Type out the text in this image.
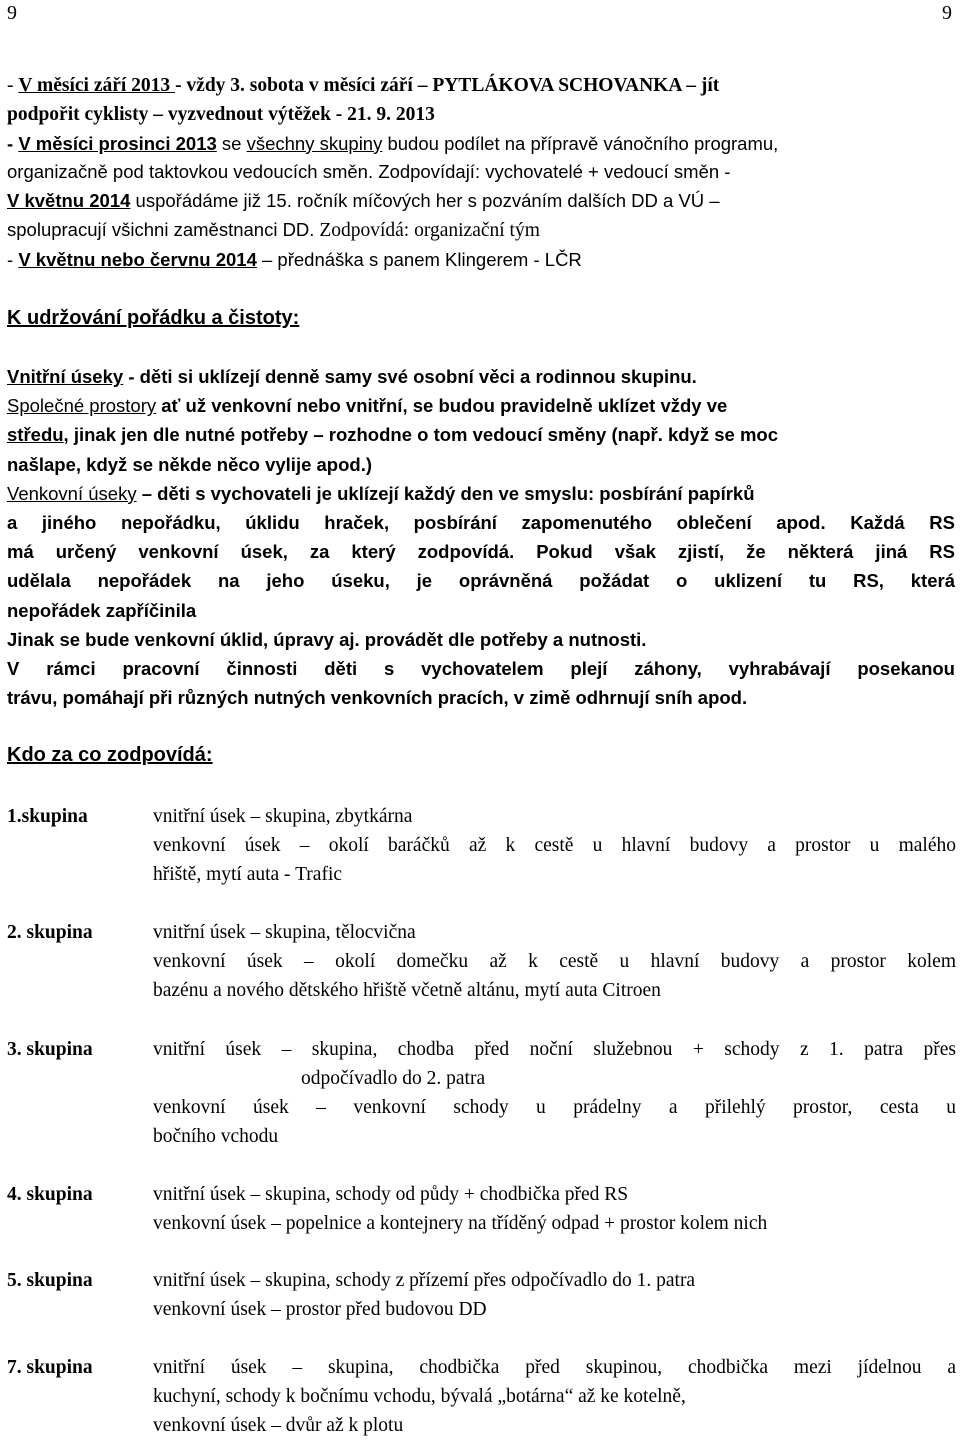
9	9
- V měsíci září 2013 - vždy 3. sobota v měsíci září – PYTLÁKOVA SCHOVANKA – jít
podpořit cyklisty – vyzvednout výtěžek - 21. 9. 2013
- V měsíci prosinci 2013 se všechny skupiny budou podílet na přípravě vánočního programu,
organizačně pod taktovkou vedoucích směn. Zodpovídají: vychovatelé + vedoucí směn -
V květnu 2014 uspořádáme již 15. ročník míčových her s pozváním dalších DD a VÚ –
spolupracují všichni zaměstnanci DD. Zodpovídá: organizační tým
- V květnu nebo červnu 2014 – přednáška s panem Klingerem - LČR
K udržování pořádku a čistoty:
Vnitřní úseky - děti si uklízejí denně samy své osobní věci a rodinnou skupinu.
Společné prostory ať už venkovní nebo vnitřní, se budou pravidelně uklízet vždy ve
středu, jinak jen dle nutné potřeby – rozhodne o tom vedoucí směny (např. když se moc
našlape, když se někde něco vylije apod.)
Venkovní úseky – děti s vychovateli je uklízejí každý den ve smyslu: posbírání papírků
a jiného nepořádku, úklidu hraček, posbírání zapomenutého oblečení apod. Každá RS
má určený venkovní úsek, za který zodpovídá. Pokud však zjistí, že některá jiná RS
udělala nepořádek na jeho úseku, je oprávněná požádat o uklizení tu RS, která
nepořádek zapříčinila
Jinak se bude venkovní úklid, úpravy aj. provádět dle potřeby a nutnosti.
V rámci pracovní činnosti děti s vychovatelem plejí záhony, vyhrabávají posekanou
trávu, pomáhají při různých nutných venkovních pracích, v zimě odhrnují sníh apod.
Kdo za co zodpovídá:
1.skupina	vnitřní úsek – skupina, zbytkárna
venkovní úsek – okolí baráčků až k cestě u hlavní budovy a prostor u malého
hřiště, mytí auta - Trafic
2. skupina	vnitřní úsek – skupina, tělocvična
venkovní úsek – okolí domečku až k cestě u hlavní budovy a prostor kolem
bazénu a nového dětského hřiště včetně altánu, mytí auta Citroen
3. skupina	vnitřní úsek – skupina, chodba před noční služebnou + schody z 1. patra přes
odpočívadlo do 2. patra
venkovní úsek – venkovní schody u prádelny a přilehlý prostor, cesta u
bočního vchodu
4. skupina	vnitřní úsek – skupina, schody od půdy + chodbička před RS
venkovní úsek – popelnice a kontejnery na tříděný odpad + prostor kolem nich
5. skupina	vnitřní úsek – skupina, schody z přízemí přes odpočívadlo do 1. patra
venkovní úsek – prostor před budovou DD
7. skupina	vnitřní úsek – skupina, chodbička před skupinou, chodbička mezi jídelnou a
kuchyní, schody k bočnímu vchodu, bývalá „botárna“ až ke kotelně,
venkovní úsek – dvůr až k plotu
